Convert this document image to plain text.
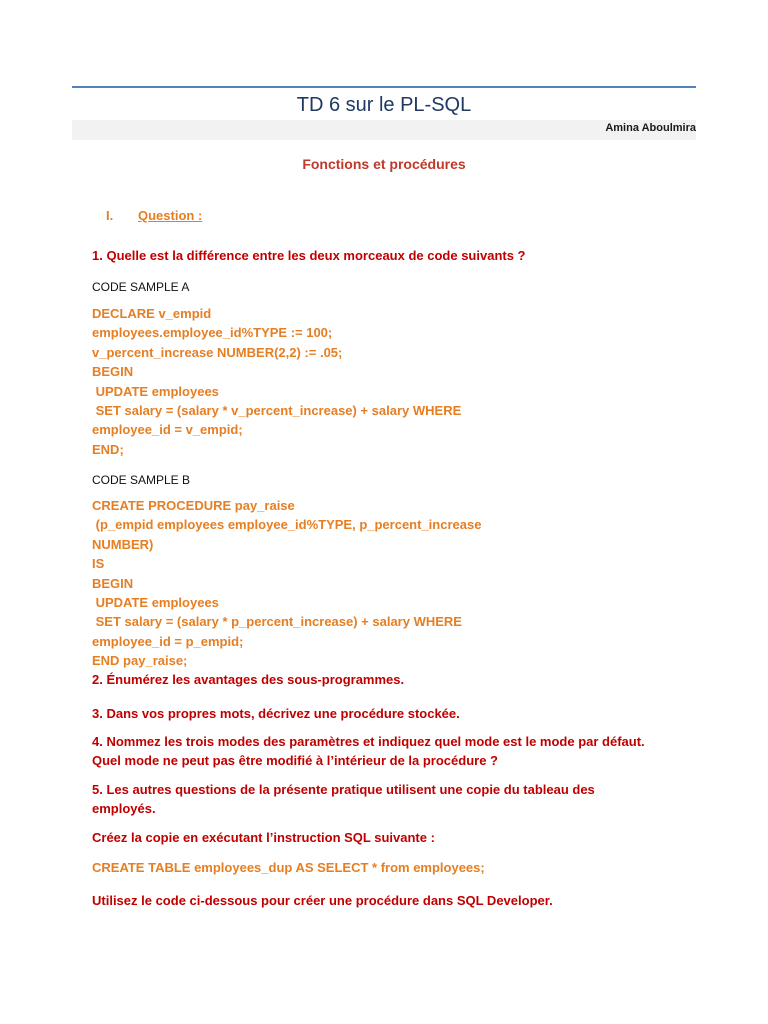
TD 6 sur le PL-SQL
Amina Aboulmira
Fonctions et procédures
I. Question :
1. Quelle est la différence entre les deux morceaux de code suivants ?
CODE SAMPLE A
DECLARE v_empid
employees.employee_id%TYPE := 100;
v_percent_increase NUMBER(2,2) := .05;
BEGIN
UPDATE employees
SET salary = (salary * v_percent_increase) + salary WHERE
employee_id = v_empid;
END;
CODE SAMPLE B
CREATE PROCEDURE pay_raise
(p_empid employees employee_id%TYPE, p_percent_increase
NUMBER)
IS
BEGIN
UPDATE employees
SET salary = (salary * p_percent_increase) + salary WHERE
employee_id = p_empid;
END pay_raise;
2. Énumérez les avantages des sous-programmes.
3. Dans vos propres mots, décrivez une procédure stockée.
4. Nommez les trois modes des paramètres et indiquez quel mode est le mode par défaut.
Quel mode ne peut pas être modifié à l’intérieur de la procédure ?
5. Les autres questions de la présente pratique utilisent une copie du tableau des
employés.
Créez la copie en exécutant l’instruction SQL suivante :
CREATE TABLE employees_dup AS SELECT * from employees;
Utilisez le code ci-dessous pour créer une procédure dans SQL Developer.
